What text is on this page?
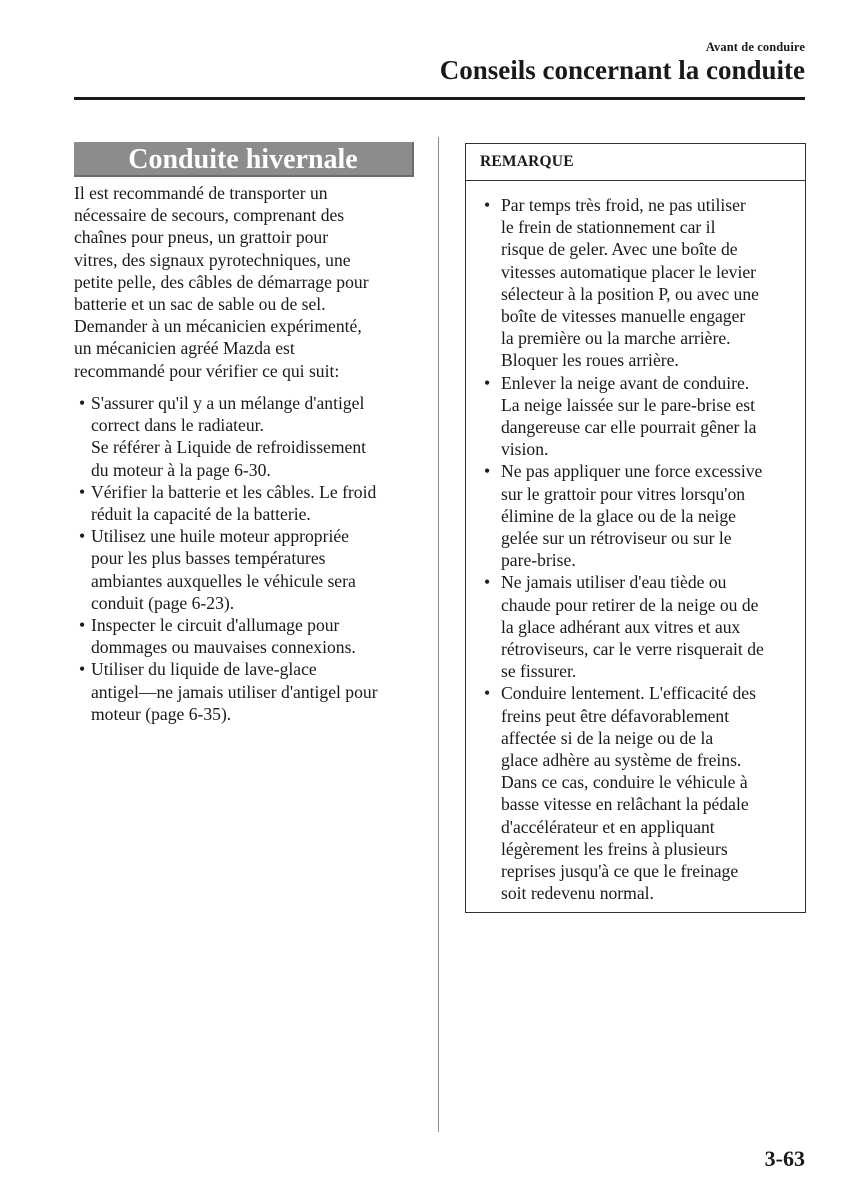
Avant de conduire
Conseils concernant la conduite
Conduite hivernale

Il est recommandé de transporter un
nécessaire de secours, comprenant des
chaînes pour pneus, un grattoir pour
vitres, des signaux pyrotechniques, une
petite pelle, des câbles de démarrage pour
batterie et un sac de sable ou de sel.
Demander à un mécanicien expérimenté,
un mécanicien agréé Mazda est
recommandé pour vérifier ce qui suit:

• S'assurer qu'il y a un mélange d'antigel
correct dans le radiateur.
Se référer à Liquide de refroidissement
du moteur à la page 6-30.
• Vérifier la batterie et les câbles. Le froid
réduit la capacité de la batterie.
• Utilisez une huile moteur appropriée
pour les plus basses températures
ambiantes auxquelles le véhicule sera
conduit (page 6-23).
• Inspecter le circuit d'allumage pour
dommages ou mauvaises connexions.
• Utiliser du liquide de lave-glace
antigel—ne jamais utiliser d'antigel pour
moteur (page 6-35).
REMARQUE
• Par temps très froid, ne pas utiliser
le frein de stationnement car il
risque de geler. Avec une boîte de
vitesses automatique placer le levier
sélecteur à la position P, ou avec une
boîte de vitesses manuelle engager
la première ou la marche arrière.
Bloquer les roues arrière.
• Enlever la neige avant de conduire.
La neige laissée sur le pare-brise est
dangereuse car elle pourrait gêner la
vision.
• Ne pas appliquer une force excessive
sur le grattoir pour vitres lorsqu'on
élimine de la glace ou de la neige
gelée sur un rétroviseur ou sur le
pare-brise.
• Ne jamais utiliser d'eau tiède ou
chaude pour retirer de la neige ou de
la glace adhérant aux vitres et aux
rétroviseurs, car le verre risquerait de
se fissurer.
• Conduire lentement. L'efficacité des
freins peut être défavorablement
affectée si de la neige ou de la
glace adhère au système de freins.
Dans ce cas, conduire le véhicule à
basse vitesse en relâchant la pédale
d'accélérateur et en appliquant
légèrement les freins à plusieurs
reprises jusqu'à ce que le freinage
soit redevenu normal.
3-63
